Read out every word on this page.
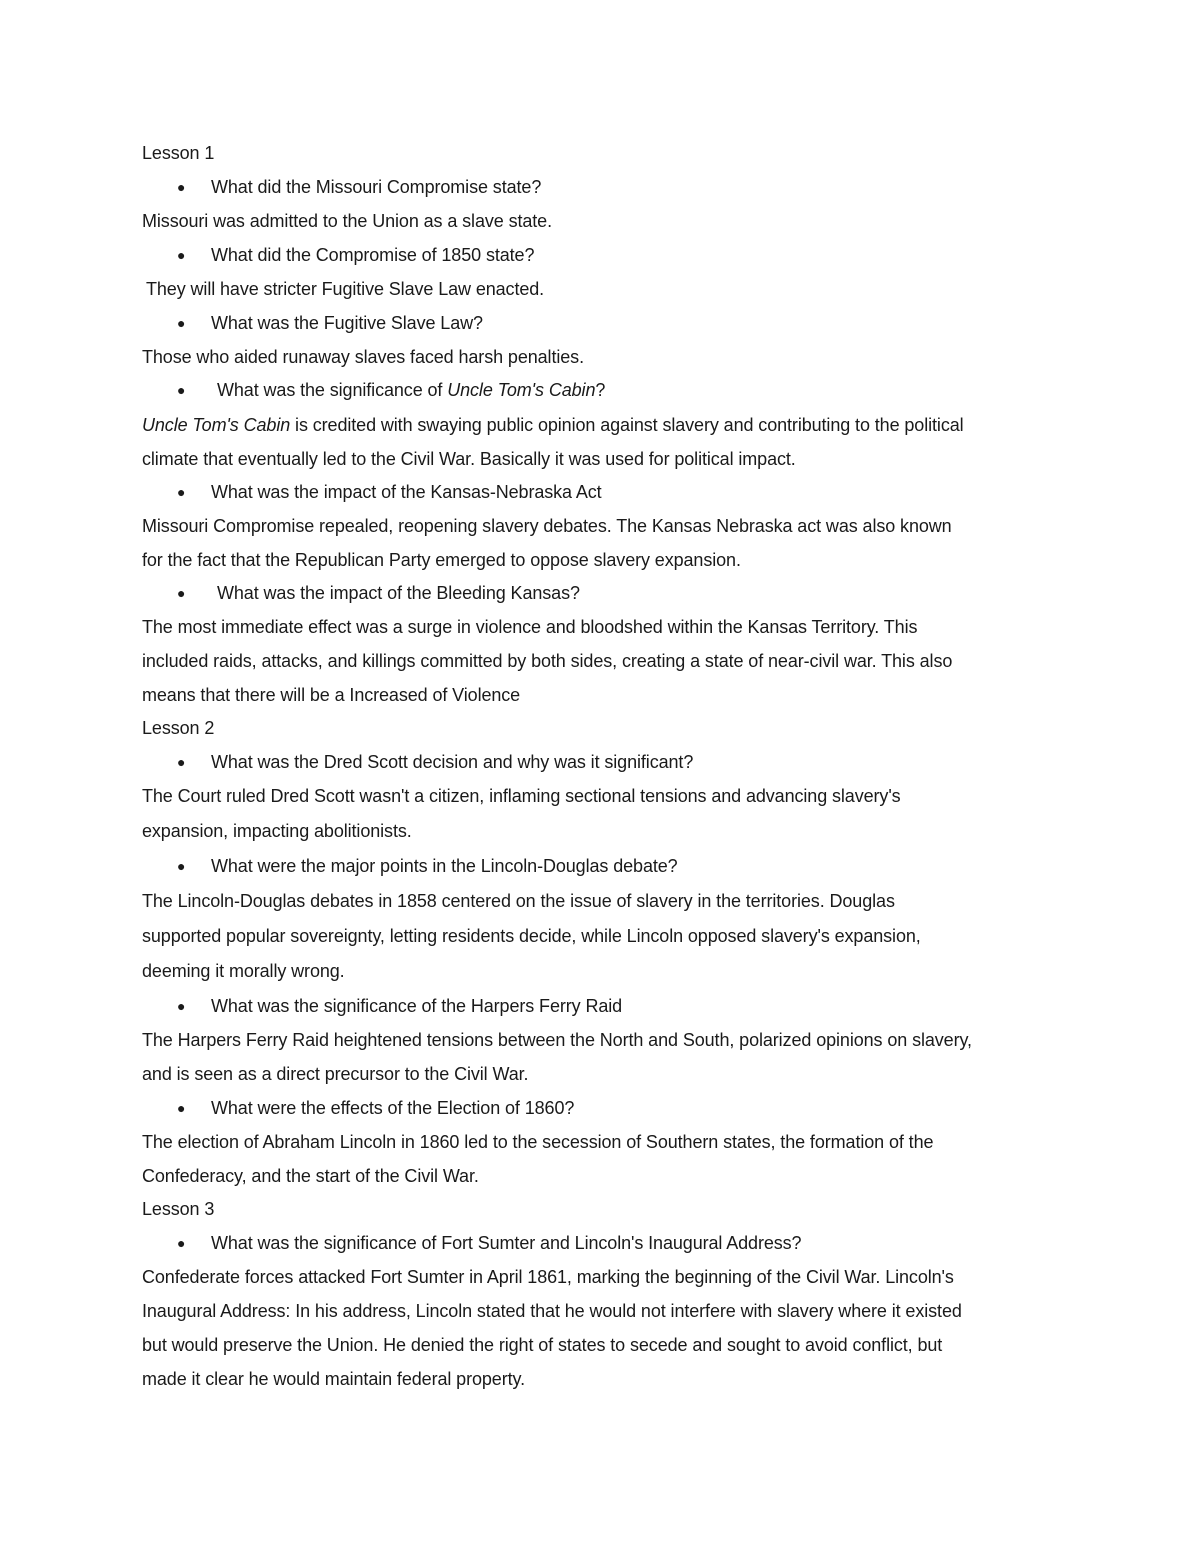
Lesson 1
● What did the Missouri Compromise state?
Missouri was admitted to the Union as a slave state.
● What did the Compromise of 1850 state?
They will have stricter Fugitive Slave Law enacted.
● What was the Fugitive Slave Law?
Those who aided runaway slaves faced harsh penalties.
● What was the significance of Uncle Tom's Cabin?
Uncle Tom's Cabin is credited with swaying public opinion against slavery and contributing to the political
climate that eventually led to the Civil War. Basically it was used for political impact.
● What was the impact of the Kansas-Nebraska Act
Missouri Compromise repealed, reopening slavery debates. The Kansas Nebraska act was also known
for the fact that the Republican Party emerged to oppose slavery expansion.
● What was the impact of the Bleeding Kansas?
The most immediate effect was a surge in violence and bloodshed within the Kansas Territory. This
included raids, attacks, and killings committed by both sides, creating a state of near-civil war. This also
means that there will be a Increased of Violence
Lesson 2
● What was the Dred Scott decision and why was it significant?
The Court ruled Dred Scott wasn't a citizen, inflaming sectional tensions and advancing slavery's
expansion, impacting abolitionists.
● What were the major points in the Lincoln-Douglas debate?
The Lincoln-Douglas debates in 1858 centered on the issue of slavery in the territories. Douglas
supported popular sovereignty, letting residents decide, while Lincoln opposed slavery's expansion,
deeming it morally wrong.
● What was the significance of the Harpers Ferry Raid
The Harpers Ferry Raid heightened tensions between the North and South, polarized opinions on slavery,
and is seen as a direct precursor to the Civil War.
● What were the effects of the Election of 1860?
The election of Abraham Lincoln in 1860 led to the secession of Southern states, the formation of the
Confederacy, and the start of the Civil War.
Lesson 3
● What was the significance of Fort Sumter and Lincoln's Inaugural Address?
Confederate forces attacked Fort Sumter in April 1861, marking the beginning of the Civil War. Lincoln's
Inaugural Address: In his address, Lincoln stated that he would not interfere with slavery where it existed
but would preserve the Union. He denied the right of states to secede and sought to avoid conflict, but
made it clear he would maintain federal property.
